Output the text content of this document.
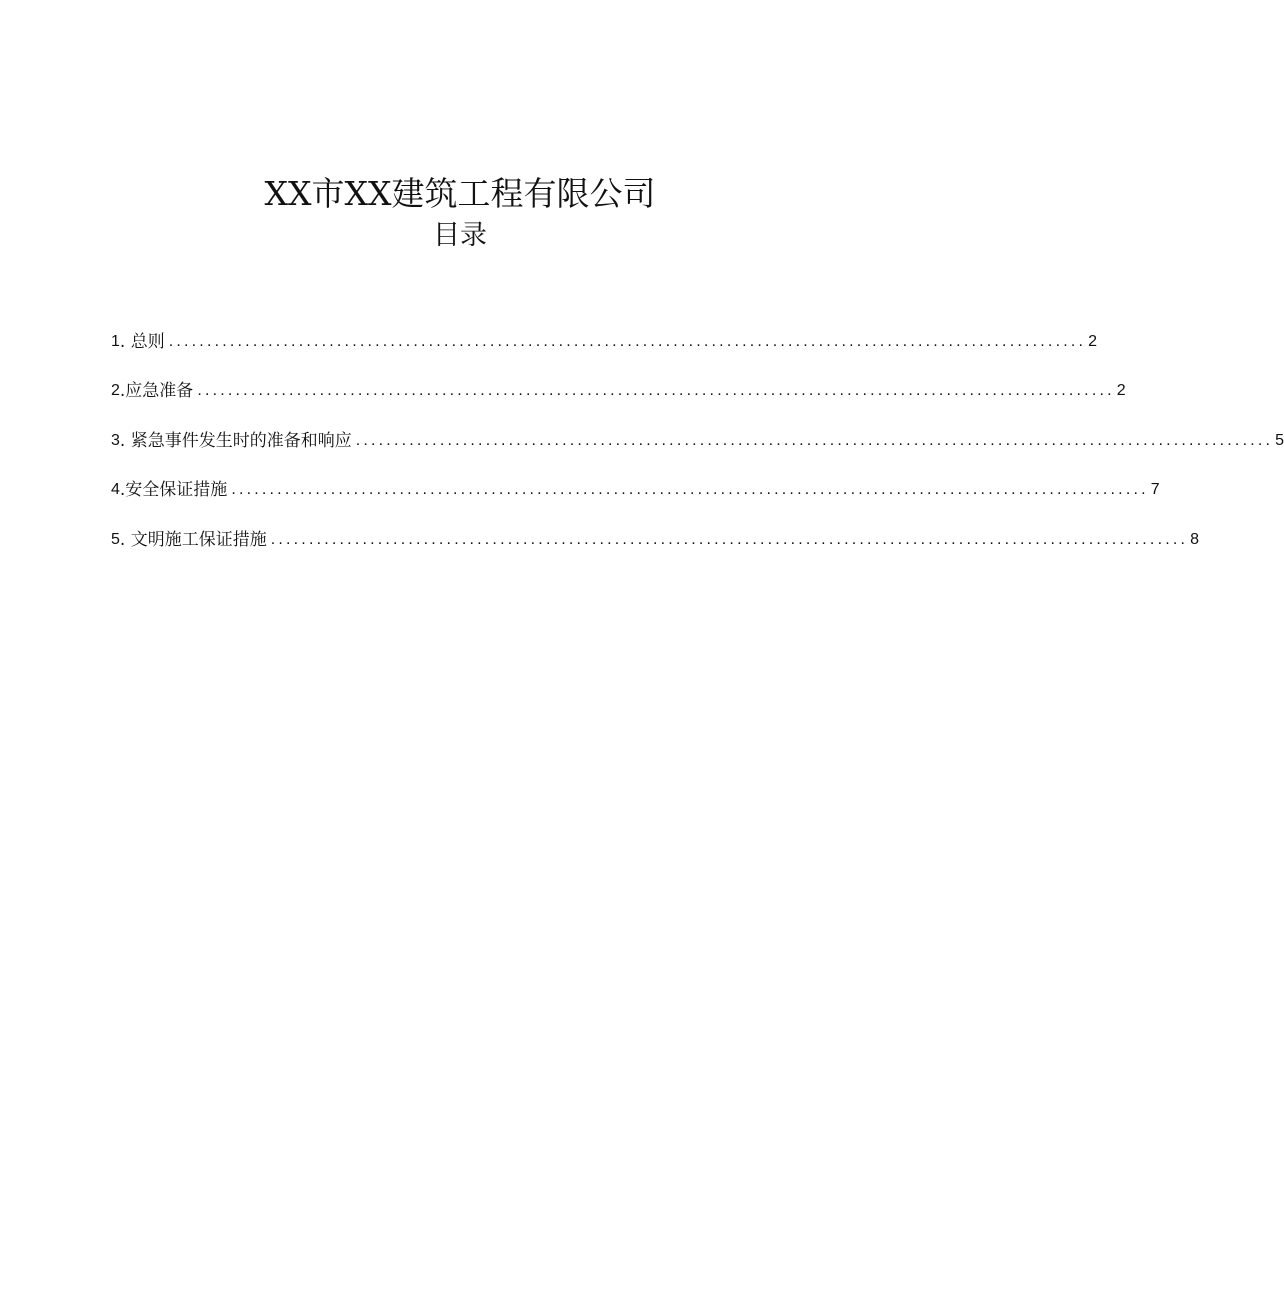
XX市XX建筑工程有限公司
目录
1 . 总则 ........................................................................................................................ 2
2 .应急准备 ........................................................................................................................ 2
3 . 紧急事件发生时的准备和响应 ........................................................................................................................ 5
4 .安全保证措施 ........................................................................................................................ 7
5 . 文明施工保证措施 ........................................................................................................................ 8
